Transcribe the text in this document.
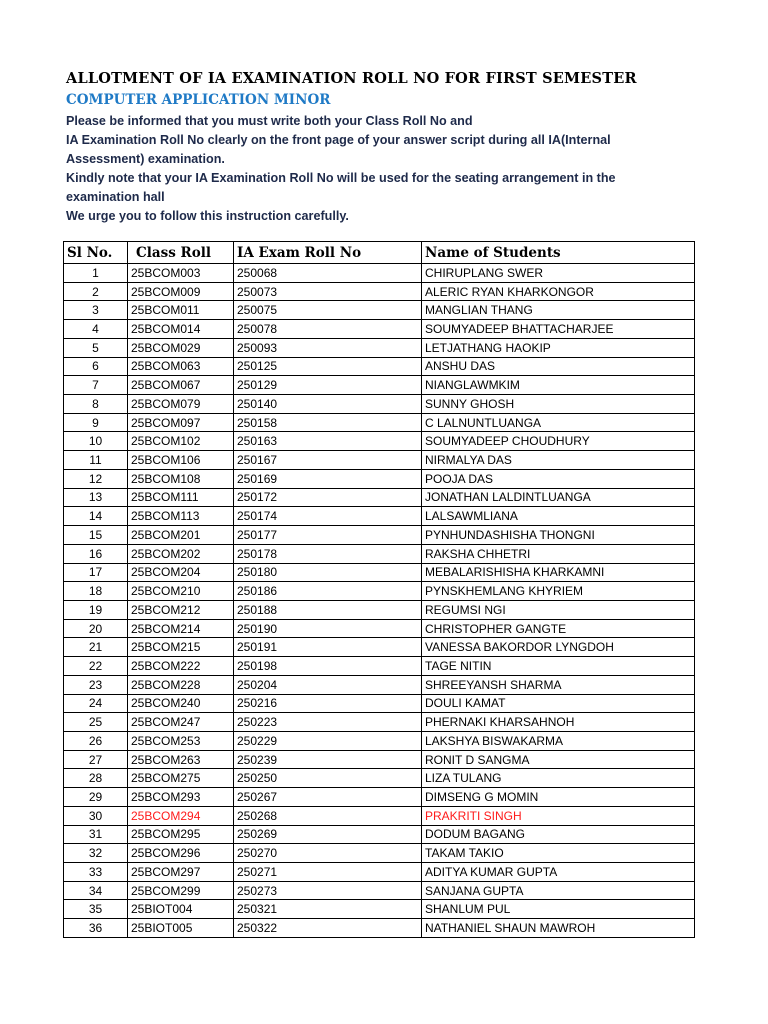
ALLOTMENT OF IA EXAMINATION ROLL NO FOR FIRST SEMESTER
COMPUTER APPLICATION MINOR

Please be informed that you must write both your Class Roll No and

IA Examination Roll No clearly on the front page of your answer script during all IA(Internal Assessment) examination.

Kindly note that your IA Examination Roll No will be used for the seating arrangement in the examination hall

We urge you to follow this instruction carefully.

Sl No.	Class Roll	IA Exam Roll No	Name of Students
1	25BCOM003	250068	CHIRUPLANG SWER
2	25BCOM009	250073	ALERIC RYAN KHARKONGOR
3	25BCOM011	250075	MANGLIAN THANG
4	25BCOM014	250078	SOUMYADEEP BHATTACHARJEE
5	25BCOM029	250093	LETJATHANG HAOKIP
6	25BCOM063	250125	ANSHU DAS
7	25BCOM067	250129	NIANGLAWMKIM
8	25BCOM079	250140	SUNNY GHOSH
9	25BCOM097	250158	C LALNUNTLUANGA
10	25BCOM102	250163	SOUMYADEEP CHOUDHURY
11	25BCOM106	250167	NIRMALYA DAS
12	25BCOM108	250169	POOJA DAS
13	25BCOM111	250172	JONATHAN LALDINTLUANGA
14	25BCOM113	250174	LALSAWMLIANA
15	25BCOM201	250177	PYNHUNDASHISHA THONGNI
16	25BCOM202	250178	RAKSHA CHHETRI
17	25BCOM204	250180	MEBALARISHISHA KHARKAMNI
18	25BCOM210	250186	PYNSKHEMLANG KHYRIEM
19	25BCOM212	250188	REGUMSI NGI
20	25BCOM214	250190	CHRISTOPHER GANGTE
21	25BCOM215	250191	VANESSA BAKORDOR LYNGDOH
22	25BCOM222	250198	TAGE NITIN
23	25BCOM228	250204	SHREEYANSH SHARMA
24	25BCOM240	250216	DOULI KAMAT
25	25BCOM247	250223	PHERNAKI KHARSAHNOH
26	25BCOM253	250229	LAKSHYA BISWAKARMA
27	25BCOM263	250239	RONIT D SANGMA
28	25BCOM275	250250	LIZA TULANG
29	25BCOM293	250267	DIMSENG G MOMIN
30	25BCOM294	250268	PRAKRITI SINGH
31	25BCOM295	250269	DODUM BAGANG
32	25BCOM296	250270	TAKAM TAKIO
33	25BCOM297	250271	ADITYA KUMAR GUPTA
34	25BCOM299	250273	SANJANA GUPTA
35	25BIOT004	250321	SHANLUM PUL
36	25BIOT005	250322	NATHANIEL SHAUN MAWROH
